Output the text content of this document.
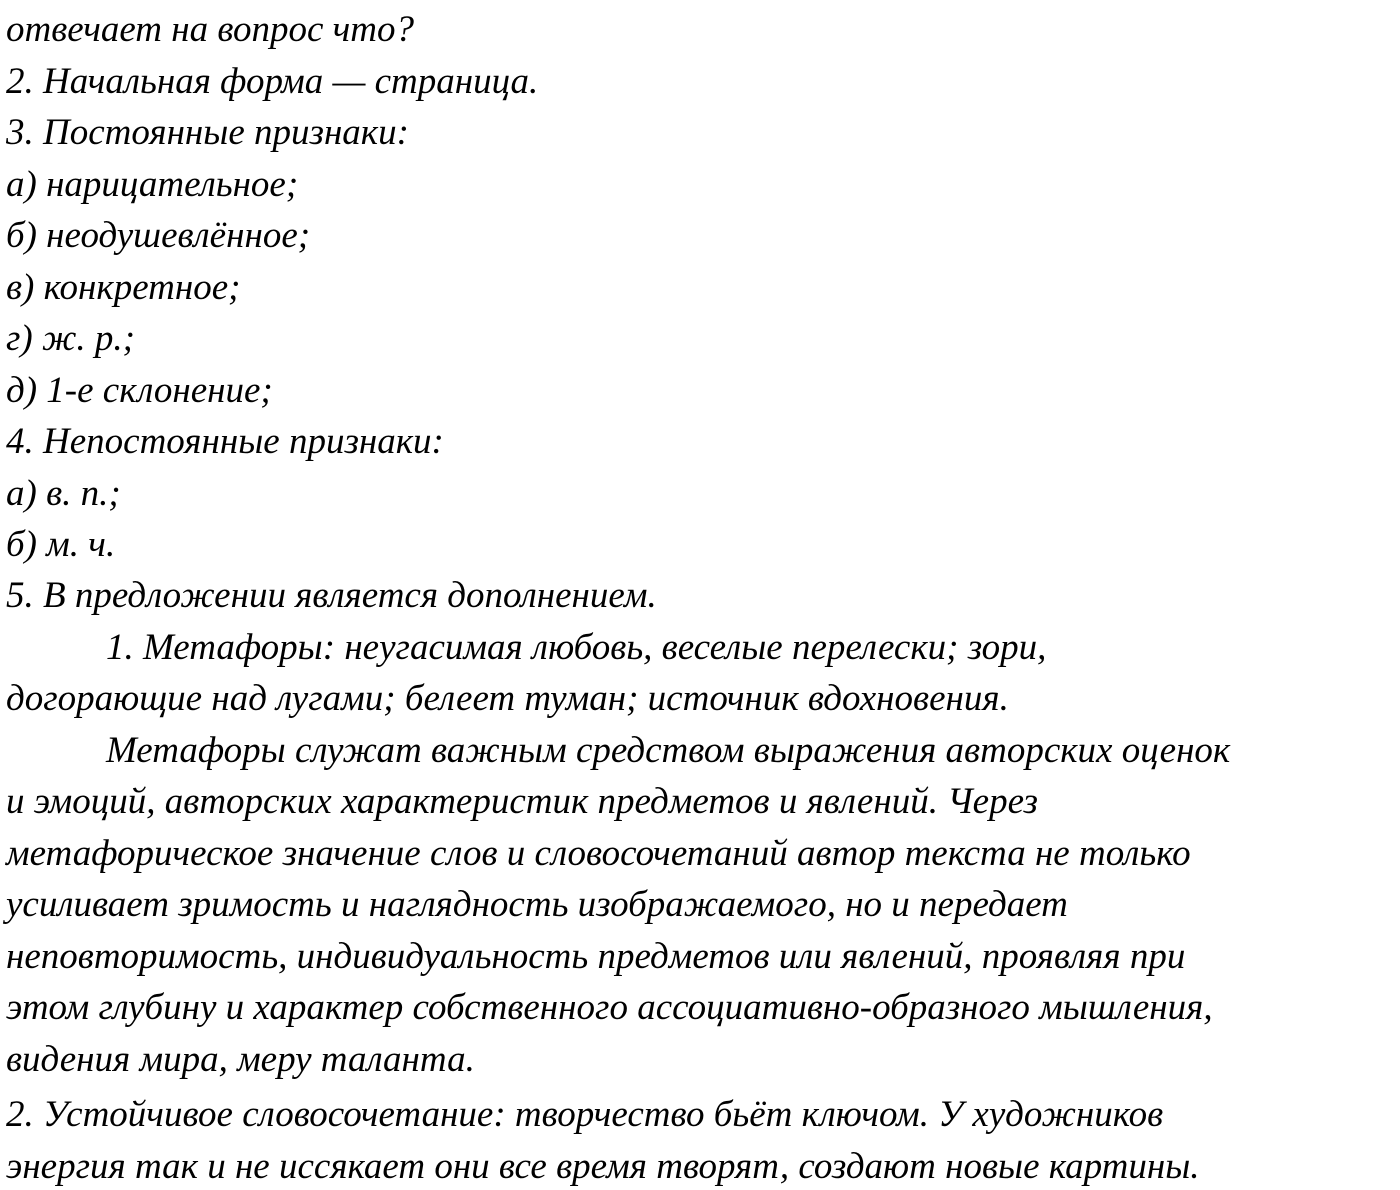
отвечает на вопрос что?
2. Начальная форма — страница.
3. Постоянные признаки:
а) нарицательное;
б) неодушевлённое;
в) конкретное;
г) ж. р.;
д) 1-е склонение;
4. Непостоянные признаки:
а) в. п.;
б) м. ч.
5. В предложении является дополнением.
1. Метафоры: неугасимая любовь, веселые перелески; зори,
догорающие над лугами; белеет туман; источник вдохновения.
Метафоры служат важным средством выражения авторских оценок
и эмоций, авторских характеристик предметов и явлений. Через
метафорическое значение слов и словосочетаний автор текста не только
усиливает зримость и наглядность изображаемого, но и передает
неповторимость, индивидуальность предметов или явлений, проявляя при
этом глубину и характер собственного ассоциативно-образного мышления,
видения мира, меру таланта.
2. Устойчивое словосочетание: творчество бьёт ключом. У художников
энергия так и не иссякает они все время творят, создают новые картины.
